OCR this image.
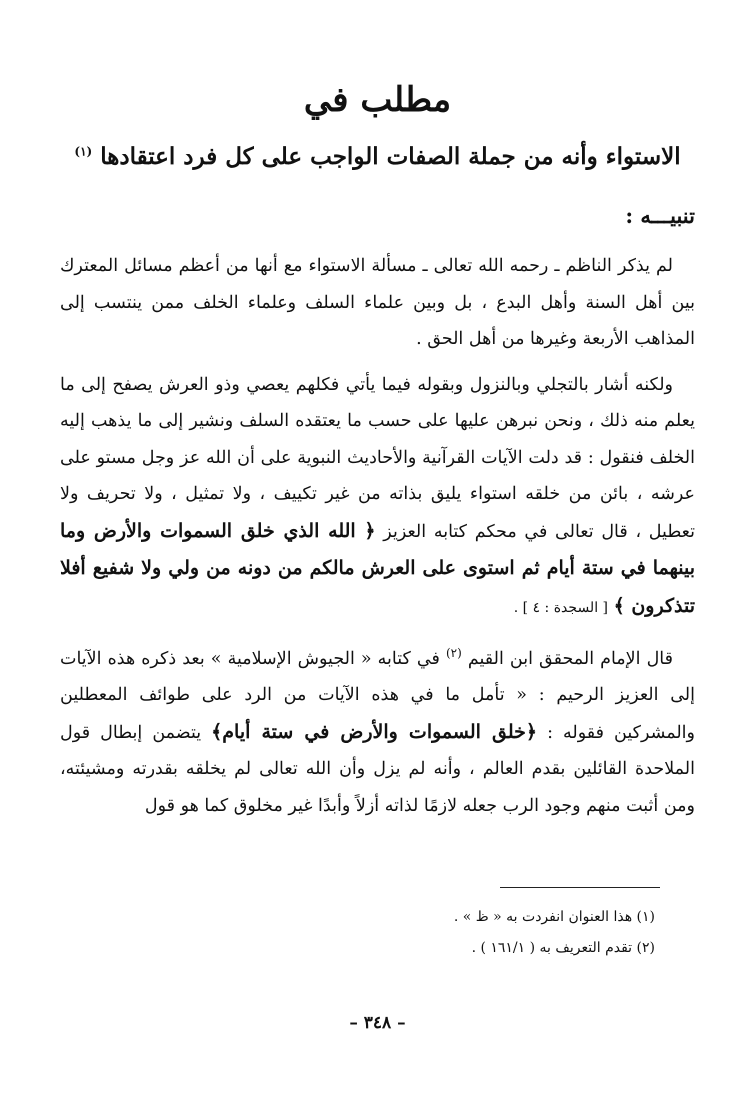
مطلب في
الاستواء وأنه من جملة الصفات الواجب على كل فرد اعتقادها $^{(١)}$
تنبيـــه :

لم يذكر الناظم ـ رحمه الله تعالى ـ مسألة الاستواء مع أنها من أعظم مسائل المعترك بين أهل السنة وأهل البدع ، بل وبين علماء السلف وعلماء الخلف ممن ينتسب إلى المذاهب الأربعة وغيرها من أهل الحق .

ولكنه أشار بالتجلي وبالنزول وبقوله فيما يأتي فكلهم يعصي وذو العرش يصفح إلى ما يعلم منه ذلك ، ونحن نبرهن عليها على حسب ما يعتقده السلف ونشير إلى ما يذهب إليه الخلف فنقول : قد دلت الآيات القرآنية والأحاديث النبوية على أن الله عز وجل مستو على عرشه ، بائن من خلقه استواء يليق بذاته من غير تكييف ، ولا تمثيل ، ولا تحريف ولا تعطيل ، قال تعالى في محكم كتابه العزيز ﴿ الله الذي خلق السموات والأرض وما بينهما في ستة أيام ثم استوى على العرش مالكم من دونه من ولي ولا شفيع أفلا تتذكرون ﴾ [ السجدة : ٤ ] .

قال الإمام المحقق ابن القيم $^{(٢)}$ في كتابه « الجيوش الإسلامية » بعد ذكره هذه الآيات إلى العزيز الرحيم : « تأمل ما في هذه الآيات من الرد على طوائف المعطلين والمشركين فقوله : ﴿خلق السموات والأرض في ستة أيام﴾ يتضمن إبطال قول الملاحدة القائلين بقدم العالم ، وأنه لم يزل وأن الله تعالى لم يخلقه بقدرته ومشيئته، ومن أثبت منهم وجود الرب جعله لازمًا لذاته أزلاً وأبدًا غير مخلوق كما هو قول

(١) هذا العنوان انفردت به « ظ » .
(٢) تقدم التعريف به ( ١٦١/١ ) .
– ٣٤٨ –
